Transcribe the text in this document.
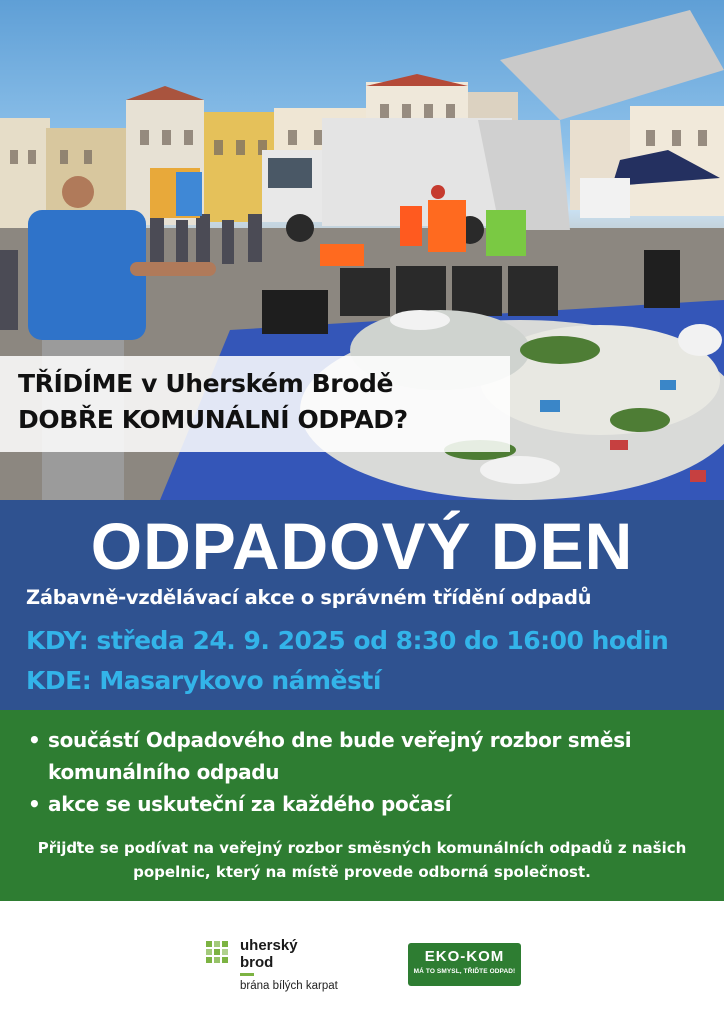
TŘÍDÍME v Uherském Brodě
DOBŘE KOMUNÁLNÍ ODPAD?
ODPADOVÝ DEN
Zábavně-vzdělávací akce o správném třídění odpadů
KDY: středa 24. 9. 2025 od 8:30 do 16:00 hodin
KDE: Masarykovo náměstí
• součástí Odpadového dne bude veřejný rozbor směsi komunálního odpadu
• akce se uskuteční za každého počasí

Přijďte se podívat na veřejný rozbor směsných komunálních odpadů z našich popelnic, který na místě provede odborná společnost.

uherský
brod
brána bílých karpat
EKO-KOM
MÁ TO SMYSL, TŘIĎTE ODPAD!
